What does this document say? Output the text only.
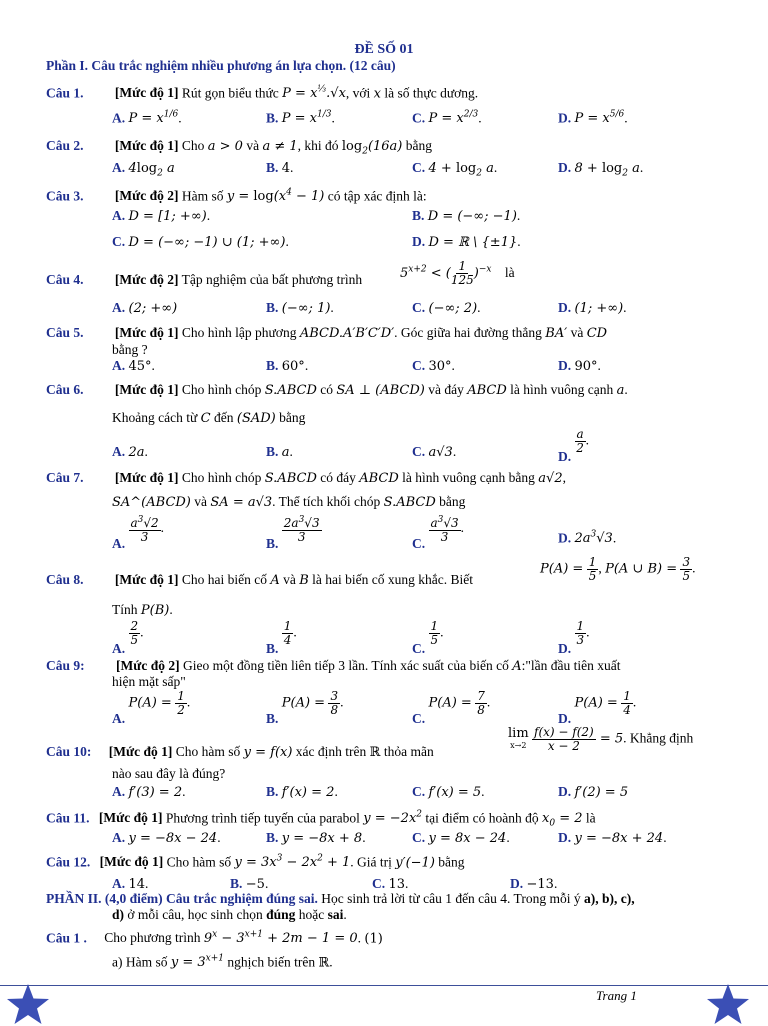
ĐỀ SỐ 01
Phần I. Câu trắc nghiệm nhiều phương án lựa chọn. (12 câu)
Câu 1. [Mức độ 1] Rút gọn biểu thức $P = x^{\frac{1}{3}}.√x$, với x là số thực dương.
A. $P = x^{1/6}$.	B. $P = x^{1/3}$.	C. $P = x^{2/3}$.	D. $P = x^{5/6}$.
Câu 2. [Mức độ 1] Cho a > 0 và a ≠ 1, khi đó $\log_2(16a)$ bằng
A. $4\log_2$ a	B. 4.	C. $4 + \log_2 a$.	D. $8 + \log_2 a$.
Câu 3. [Mức độ 2] Hàm số $y = \log(x^4 - 1)$ có tập xác định là:
A. D = [1; +∞).	B. D = (−∞; −1).
C. D = (−∞; −1) ∪ (1; +∞).	D. D = ℝ \ {±1}.
Câu 4. [Mức độ 2] Tập nghiệm của bất phương trình	$5^{x+2}$ < ( $\frac{1}{125} )^{-x}$ là
A. (2; +∞)	B. (−∞; 1).	C. (−∞; 2).	D. (1; +∞).
Câu 5. [Mức độ 1] Cho hình lập phương ABCD.A′B′C′D′. Góc giữa hai đường thẳng BA′ và CD
bằng ?
A. 45°.	B. 60°.	C. 30°.	D. 90°.
Câu 6. [Mức độ 1] Cho hình chóp S.ABCD có SA ⊥ (ABCD) và đáy ABCD là hình vuông cạnh a.
Khoảng cách từ C đến (SAD) bằng
A. 2a.	B. a.	C. a√3.	D.
$\frac{a}{2}$ .
Câu 7. [Mức độ 1] Cho hình chóp S.ABCD có đáy ABCD là hình vuông cạnh bằng a√2,
SA^(ABCD) và SA = a√3. Thể tích khối chóp S.ABCD bằng
A. $\frac{a^3√2}{3}$ .
B. $\frac{2a^3√3}{3}$	C. $\frac{a^3√3}{3}$ .
D. $2a^3√3$.
Câu 8. [Mức độ 1] Cho hai biến cố A và B là hai biến cố xung khắc. Biết
$P(A) = \frac{1}{5}$ , P(A ∪ $B) = \frac{3}{5}$ .
Tính P(B).
A.
$\frac{2}{5}$ .
B.
$\frac{1}{4}$ .
C.
$\frac{1}{5}$ .
D.
$\frac{1}{3}$ .
Câu 9: [Mức độ 2] Gieo một đồng tiền liên tiếp 3 lần. Tính xác suất của biến cố A:"lần đầu tiên xuất
hiện mặt sấp"
A. $P(A) = \frac{1}{2}$ .
B. $P(A) = \frac{3}{8}$ .
C. $P(A) = \frac{7}{8}$ .
D. $P(A) = \frac{1}{4}$ .
Câu 10: [Mức độ 1] Cho hàm số y = f(x) xác định trên ℝ thỏa mãn
lim
x→2
$\frac{f(x) - f(2)}{x - 2} = 5$. Khẳng định
nào sau đây là đúng?
A. f′(3) = 2.	B. f′(x) = 2.	C. f′(x) = 5.	D. f′(2) = 5
Câu 11. [Mức độ 1] Phương trình tiếp tuyến của parabol $y = -2x^2$ tại điểm có hoành độ $x_0 = 2$ là
A. y = −8x − 24.	B. y = −8x + 8.	C. y = 8x − 24.	D. y = −8x + 24.
Câu 12. [Mức độ 1] Cho hàm số $y = 3x^3 - 2x^2 + 1$. Giá trị y′(−1) bằng
A. 14.	B. −5.	C. 13.	D. −13.
PHẦN II. (4,0 điểm) Câu trắc nghiệm đúng sai. Học sinh trả lời từ câu 1 đến câu 4. Trong mỗi ý a), b), c),
d) ở mỗi câu, học sinh chọn đúng hoặc sai.
Câu 1 . Cho phương trình $9^x - 3^{x+1} + 2m - 1 = 0$. (1)
a) Hàm số $y = 3^{x+1}$ nghịch biến trên ℝ.
Trang 1
